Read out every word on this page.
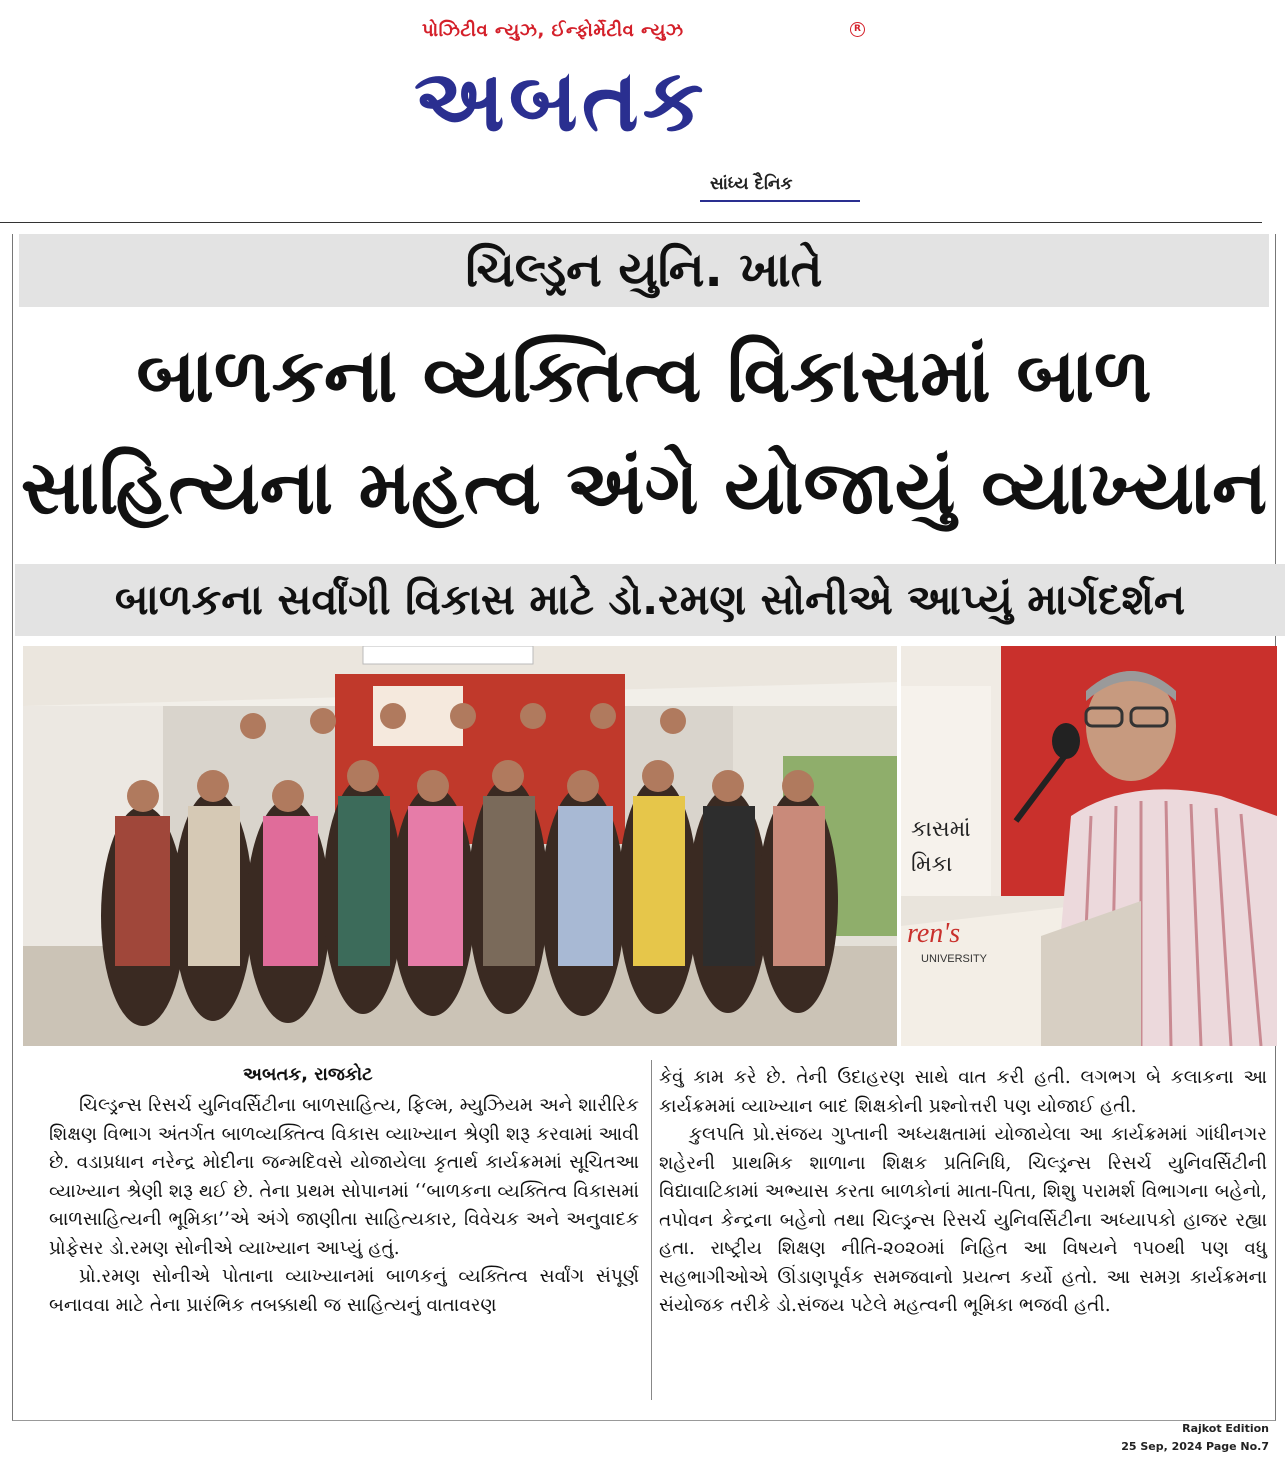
પોઝિટીવ ન્યુઝ, ઈન્ફોર્મેટીવ ન્યુઝ	R
અબતક
સાંધ્ય દૈનિક
ચિલ્ડ્રન યુનિ. ખાતે
બાળકના વ્યક્તિત્વ વિકાસમાં બાળ
સાહિત્યના મહત્વ અંગે યોજાયું વ્યાખ્યાન
બાળકના સર્વાંગી વિકાસ માટે ડો.રમણ સોનીએ આપ્યું માર્ગદર્શન
કાસમાં
મિકા
ren's
UNIVERSITY
અબતક, રાજકોટ

ચિલ્ડ્રન્સ રિસર્ચ યુનિવર્સિટીના બાળસાહિત્ય, ફિલ્મ, મ્યુઝિયમ અને શારીરિક શિક્ષણ વિભાગ અંતર્ગત બાળવ્યક્તિત્વ વિકાસ વ્યાખ્યાન શ્રેણી શરૂ કરવામાં આવી છે. વડાપ્રધાન નરેન્દ્ર મોદીના જન્મદિવસે યોજાયેલા કૃતાર્થ કાર્યક્રમમાં સૂચિતઆ વ્યાખ્યાન શ્રેણી શરૂ થઈ છે. તેના પ્રથમ સોપાનમાં ‘‘બાળકના વ્યક્તિત્વ વિકાસમાં બાળસાહિત્યની ભૂમિકા’’એ અંગે જાણીતા સાહિત્યકાર, વિવેચક અને અનુવાદક પ્રોફેસર ડો.રમણ સોનીએ વ્યાખ્યાન આપ્યું હતું.

પ્રો.રમણ સોનીએ પોતાના વ્યાખ્યાનમાં બાળકનું વ્યક્તિત્વ સર્વાંગ સંપૂર્ણ બનાવવા માટે તેના પ્રારંભિક તબક્કાથી જ સાહિત્યનું વાતાવરણ

કેવું કામ કરે છે. તેની ઉદાહરણ સાથે વાત કરી હતી. લગભગ બે કલાકના આ કાર્યક્રમમાં વ્યાખ્યાન બાદ શિક્ષકોની પ્રશ્નોત્તરી પણ યોજાઈ હતી.

કુલપતિ પ્રો.સંજય ગુપ્તાની અધ્યક્ષતામાં યોજાયેલા આ કાર્યક્રમમાં ગાંધીનગર શહેરની પ્રાથમિક શાળાના શિક્ષક પ્રતિનિધિ, ચિલ્ડ્રન્સ રિસર્ચ યુનિવર્સિટીની વિદ્યાવાટિકામાં અભ્યાસ કરતા બાળકોનાં માતા-પિતા, શિશુ પરામર્શ વિભાગના બહેનો, તપોવન કેન્દ્રના બહેનો તથા ચિલ્ડ્રન્સ રિસર્ચ યુનિવર્સિટીના અધ્યાપકો હાજર રહ્યા હતા. રાષ્ટ્રીય શિક્ષણ નીતિ-૨૦૨૦માં નિહિત આ વિષયને ૧૫૦થી પણ વધુ સહભાગીઓએ ઊંડાણપૂર્વક સમજવાનો પ્રયત્ન કર્યો હતો. આ સમગ્ર કાર્યક્રમના સંયોજક તરીકે ડો.સંજય પટેલે મહત્વની ભૂમિકા ભજવી હતી.

Rajkot Edition
25 Sep, 2024 Page No.7
